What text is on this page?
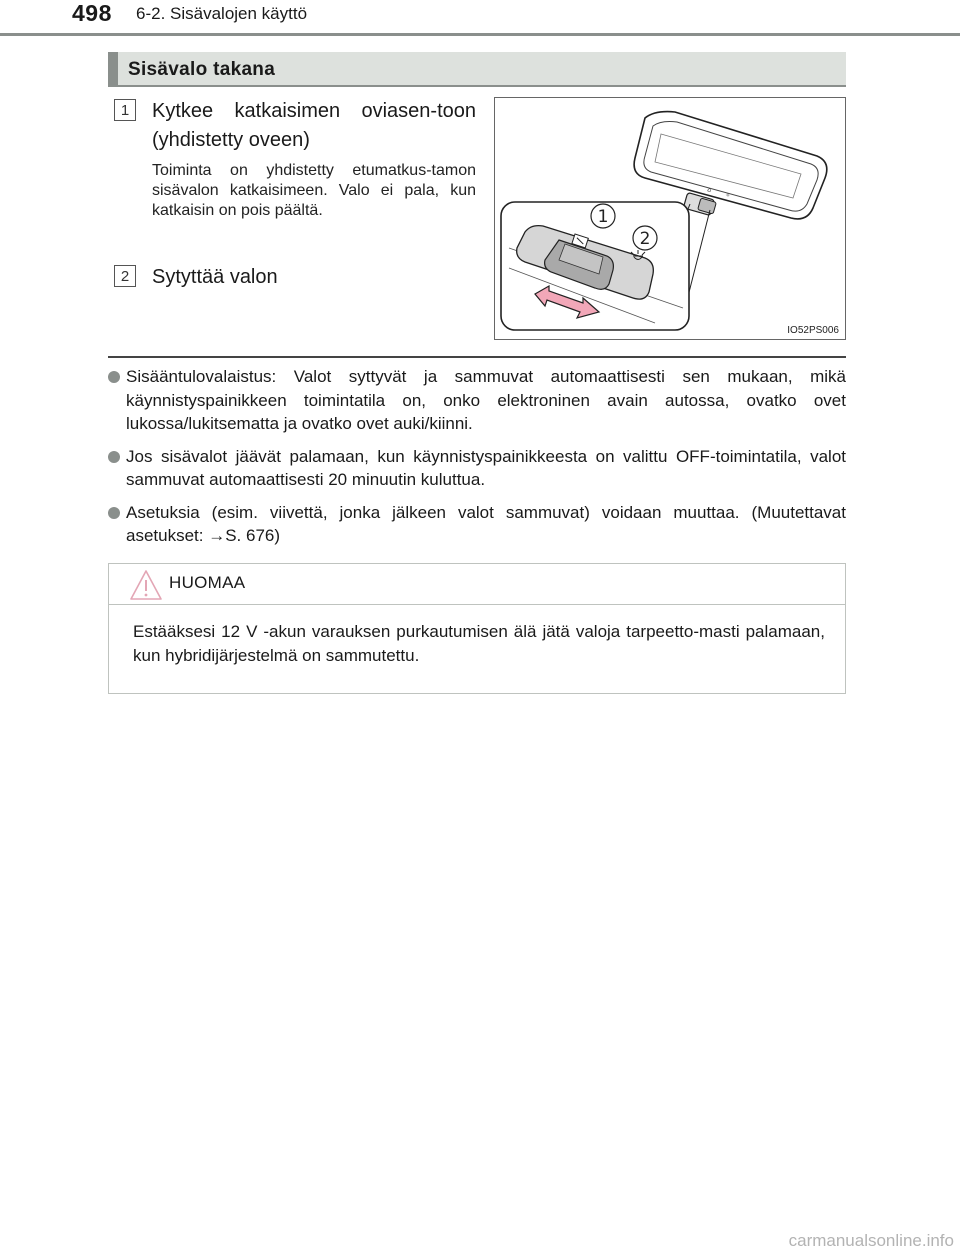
498 6-2. Sisävalojen käyttö
Sisävalo takana
1	Kytkee katkaisimen oviasen-toon (yhdistetty oveen)
Toiminta on yhdistetty etumatkus-tamon sisävalon katkaisimeen. Valo ei pala, kun katkaisin on pois päältä.
2	Sytyttää valon
⌂
☼
1
2
IO52PS006
Sisääntulovalaistus: Valot syttyvät ja sammuvat automaattisesti sen mukaan, mikä käynnistyspainikkeen toimintatila on, onko elektroninen avain autossa, ovatko ovet lukossa/lukitsematta ja ovatko ovet auki/kiinni.
Jos sisävalot jäävät palamaan, kun käynnistyspainikkeesta on valittu OFF-toimintatila, valot sammuvat automaattisesti 20 minuutin kuluttua.
Asetuksia (esim. viivettä, jonka jälkeen valot sammuvat) voidaan muuttaa. (Muutettavat asetukset: →S. 676)
HUOMAA
Estääksesi 12 V -akun varauksen purkautumisen älä jätä valoja tarpeetto-masti palamaan, kun hybridijärjestelmä on sammutettu.
carmanualsonline.info
